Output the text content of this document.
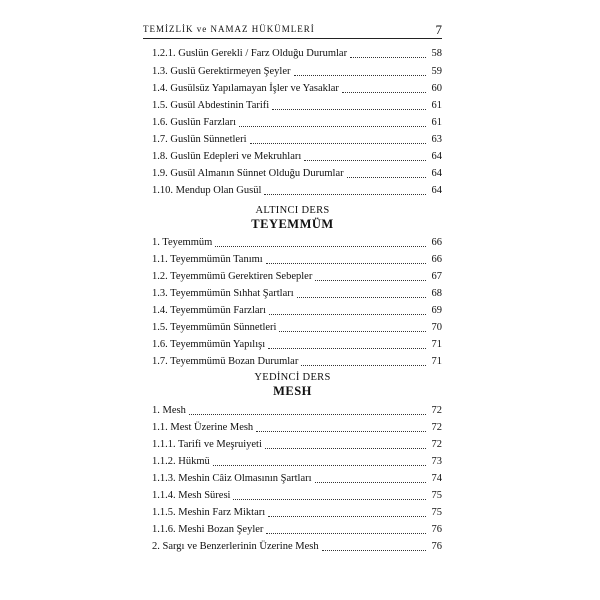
TEMİZLİK ve NAMAZ HÜKÜMLERİ	7
1.2.1. Guslün Gerekli / Farz Olduğu Durumlar	58
1.3. Guslü Gerektirmeyen Şeyler	59
1.4. Gusülsüz Yapılamayan İşler ve Yasaklar	60
1.5. Gusül Abdestinin Tarifi	61
1.6. Guslün Farzları	61
1.7. Guslün Sünnetleri	63
1.8. Guslün Edepleri ve Mekruhları	64
1.9. Gusül Almanın Sünnet Olduğu Durumlar	64
1.10. Mendup Olan Gusül	64
ALTINCI DERS
TEYEMMÜM
1. Teyemmüm	66
1.1. Teyemmümün Tanımı	66
1.2. Teyemmümü Gerektiren Sebepler	67
1.3. Teyemmümün Sıhhat Şartları	68
1.4. Teyemmümün Farzları	69
1.5. Teyemmümün Sünnetleri	70
1.6. Teyemmümün Yapılışı	71
1.7. Teyemmümü Bozan Durumlar	71
YEDİNCİ DERS
MESH
1. Mesh	72
1.1. Mest Üzerine Mesh	72
1.1.1. Tarifi ve Meşruiyeti	72
1.1.2. Hükmü	73
1.1.3. Meshin Câiz Olmasının Şartları	74
1.1.4. Mesh Süresi	75
1.1.5. Meshin Farz Miktarı	75
1.1.6. Meshi Bozan Şeyler	76
2. Sargı ve Benzerlerinin Üzerine Mesh	76
